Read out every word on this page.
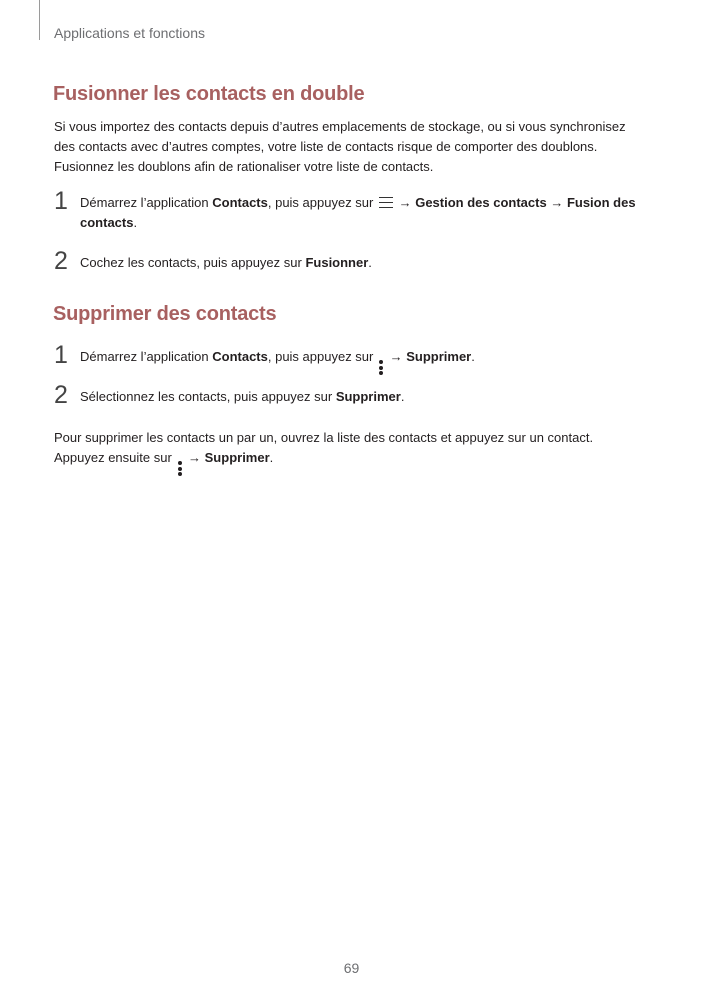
Applications et fonctions
Fusionner les contacts en double
Si vous importez des contacts depuis d’autres emplacements de stockage, ou si vous synchronisez
des contacts avec d’autres comptes, votre liste de contacts risque de comporter des doublons.
Fusionnez les doublons afin de rationaliser votre liste de contacts.
1 Démarrez l’application Contacts, puis appuyez sur  → Gestion des contacts → Fusion des
contacts.
2 Cochez les contacts, puis appuyez sur Fusionner.
Supprimer des contacts
1 Démarrez l’application Contacts, puis appuyez sur
→ Supprimer.
2 Sélectionnez les contacts, puis appuyez sur Supprimer.
Pour supprimer les contacts un par un, ouvrez la liste des contacts et appuyez sur un contact.
Appuyez ensuite sur
→ Supprimer.
69
